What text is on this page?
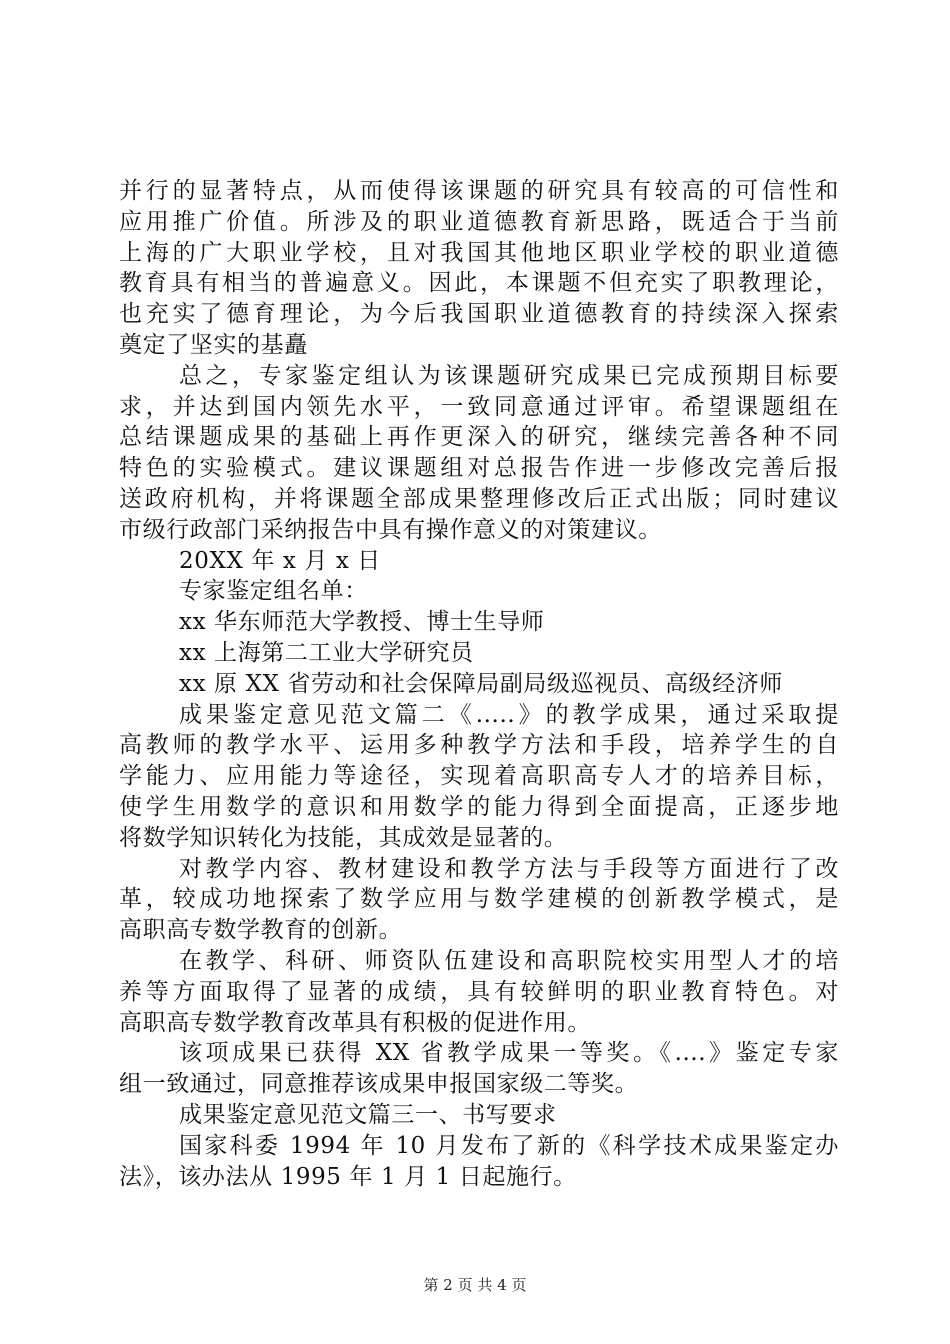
并行的显著特点，从而使得该课题的研究具有较高的可信性和
应用推广价值。所涉及的职业道德教育新思路，既适合于当前
上海的广大职业学校，且对我国其他地区职业学校的职业道德
教育具有相当的普遍意义。因此，本课题不但充实了职教理论，
也充实了德育理论，为今后我国职业道德教育的持续深入探索
奠定了坚实的基矗
总之，专家鉴定组认为该课题研究成果已完成预期目标要
求，并达到国内领先水平，一致同意通过评审。希望课题组在
总结课题成果的基础上再作更深入的研究，继续完善各种不同
特色的实验模式。建议课题组对总报告作进一步修改完善后报
送政府机构，并将课题全部成果整理修改后正式出版；同时建议
市级行政部门采纳报告中具有操作意义的对策建议。
20XX 年 x 月 x 日
专家鉴定组名单：
xx 华东师范大学教授、博士生导师
xx 上海第二工业大学研究员
xx 原 XX 省劳动和社会保障局副局级巡视员、高级经济师
成果鉴定意见范文篇二《.....》的教学成果，通过采取提
高教师的教学水平、运用多种教学方法和手段，培养学生的自
学能力、应用能力等途径，实现着高职高专人才的培养目标，
使学生用数学的意识和用数学的能力得到全面提高，正逐步地
将数学知识转化为技能，其成效是显著的。
对教学内容、教材建设和教学方法与手段等方面进行了改
革，较成功地探索了数学应用与数学建模的创新教学模式，是
高职高专数学教育的创新。
在教学、科研、师资队伍建设和高职院校实用型人才的培
养等方面取得了显著的成绩，具有较鲜明的职业教育特色。对
高职高专数学教育改革具有积极的促进作用。
该项成果已获得 XX 省教学成果一等奖。《....》鉴定专家
组一致通过，同意推荐该成果申报国家级二等奖。
成果鉴定意见范文篇三一、书写要求
国家科委 1994 年 10 月发布了新的《科学技术成果鉴定办
法》，该办法从 1995 年 1 月 1 日起施行。
第 2 页 共 4 页
